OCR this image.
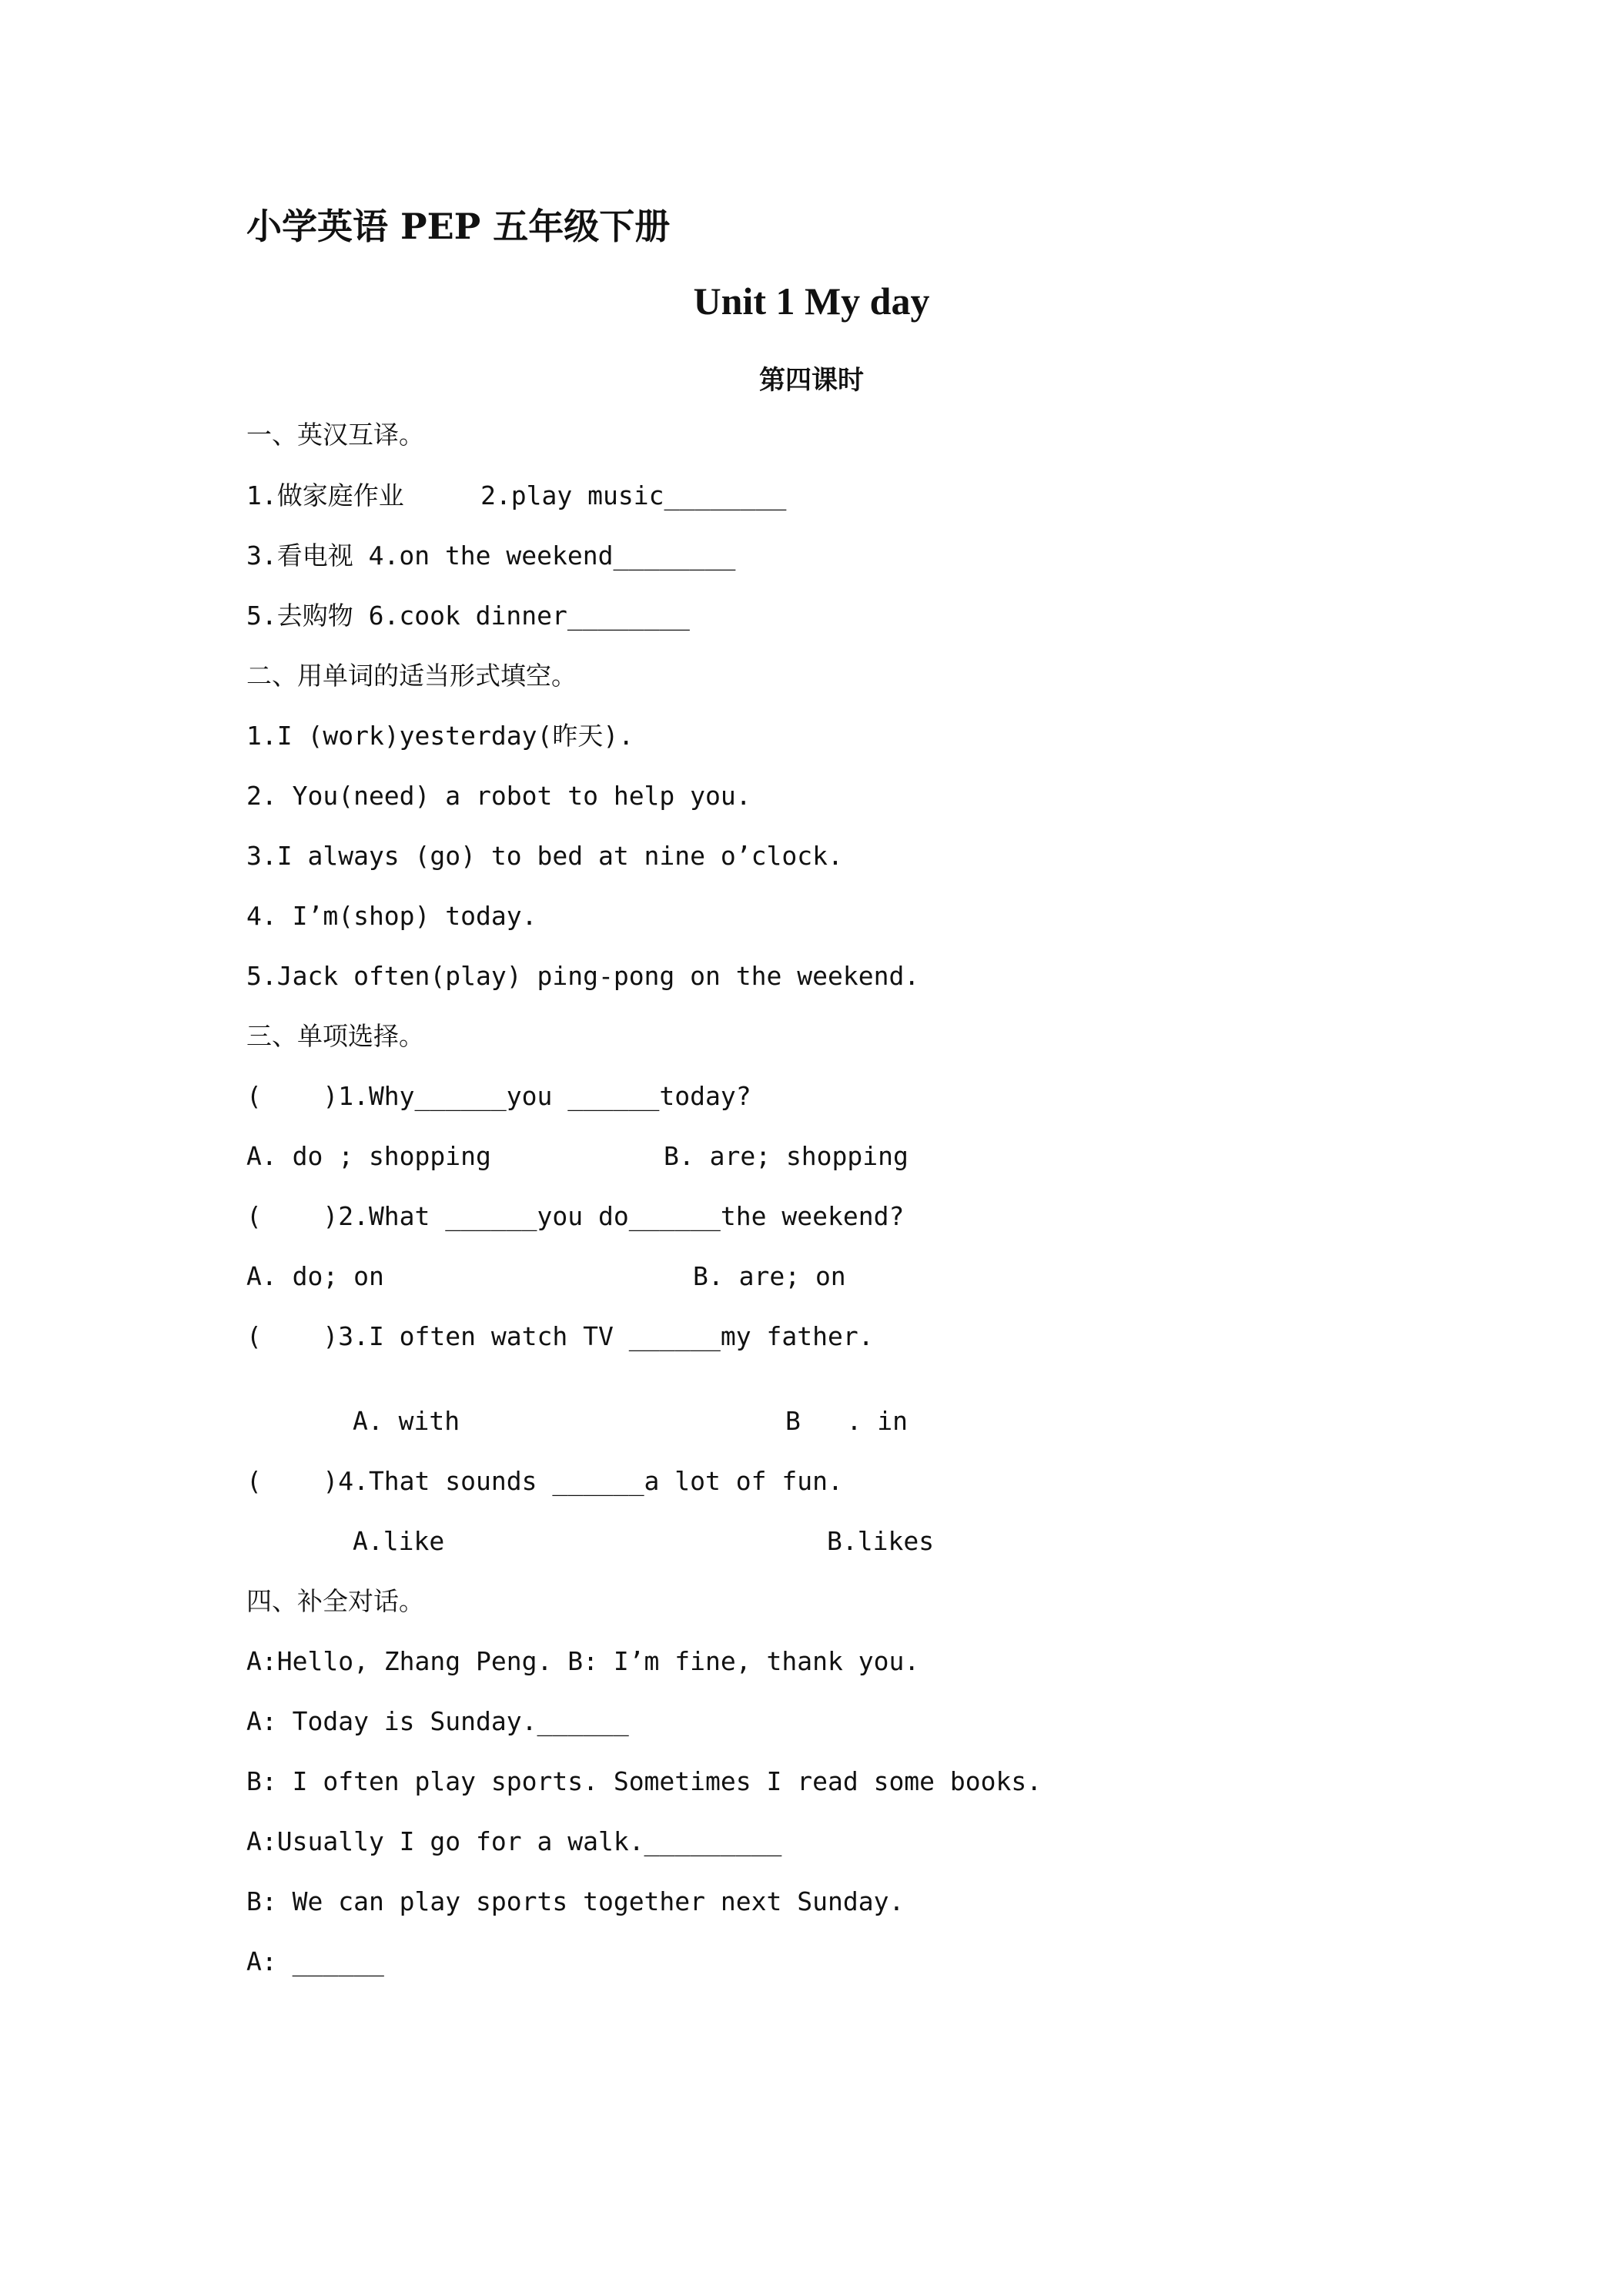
小学英语 PEP 五年级下册
Unit 1 My day
第四课时
一、英汉互译。
1.做家庭作业     2.play music________
3.看电视 4.on the weekend________
5.去购物 6.cook dinner________
二、用单词的适当形式填空。
1.I (work)yesterday(昨天).
2. You(need) a robot to help you.
3.I always (go) to bed at nine o’clock.
4. I’m(shop) today.
5.Jack often(play) ping-pong on the weekend.
三、单项选择。
(    )1.Why______you ______today?
A. do ; shopping	B. are; shopping
(    )2.What ______you do______the weekend?
A. do; on	B. are; on
(    )3.I often watch TV ______my father.
A. with	B   . in
(    )4.That sounds ______a lot of fun.
A.like	B.likes
四、补全对话。
A:Hello, Zhang Peng. B: I’m fine, thank you.
A: Today is Sunday.______
B: I often play sports. Sometimes I read some books.
A:Usually I go for a walk._________
B: We can play sports together next Sunday.
A: ______
